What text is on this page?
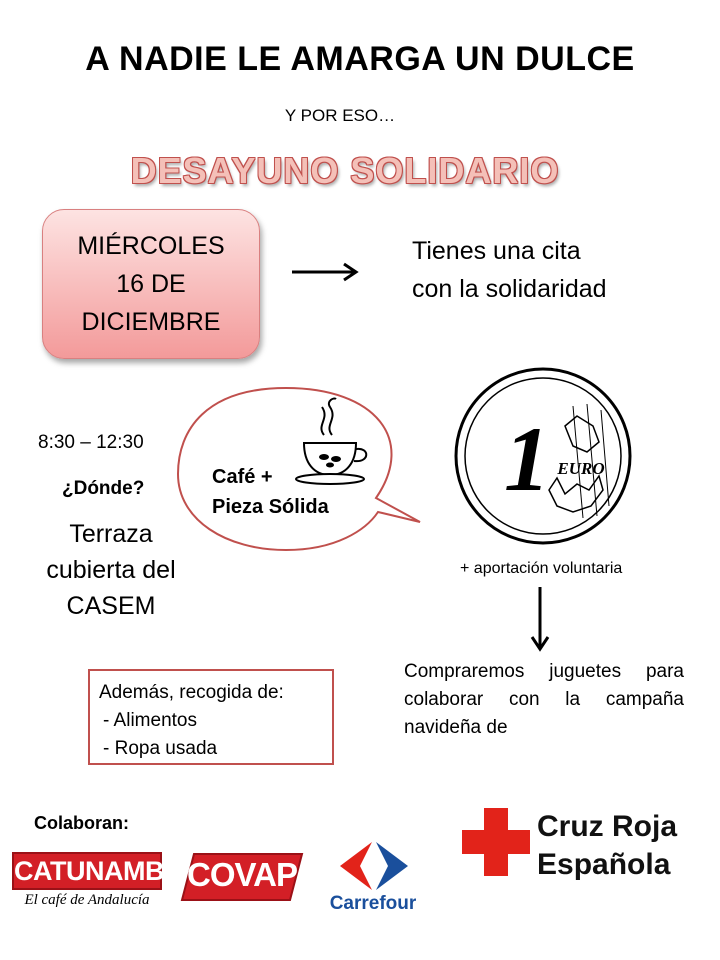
A NADIE LE AMARGA UN DULCE
Y POR ESO…
DESAYUNO SOLIDARIO
MIÉRCOLES
16 DE
DICIEMBRE
Tienes una cita
con la solidaridad
8:30 – 12:30
¿Dónde?
Terraza
cubierta del
CASEM
Café +
Pieza Sólida 1 EURO
+ aportación voluntaria
Compraremos juguetes para colaborar con la campaña navideña de
Además, recogida de:
- Alimentos
- Ropa usada
Colaboran:
CATUNAMBÚ
El café de Andalucía
COVAP
Carrefour
Cruz Roja
Española
